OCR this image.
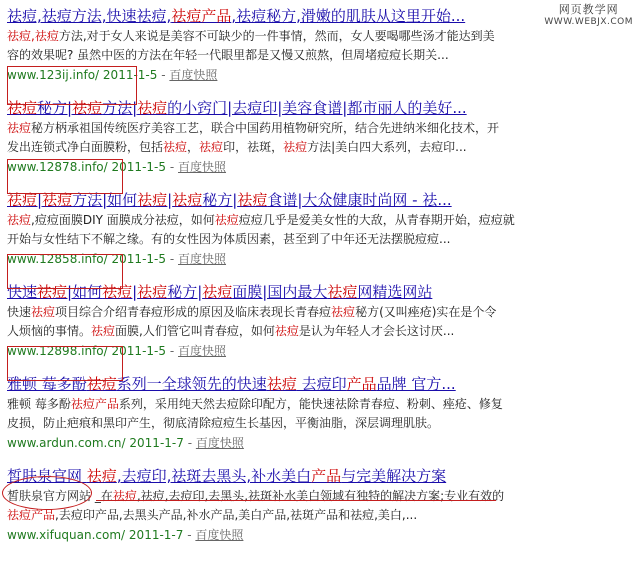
网页教学网
WWW.WEBJX.COM
祛痘,祛痘方法,快速祛痘,祛痘产品,祛痘秘方,滑嫩的肌肤从这里开始...
祛痘,祛痘方法,对于女人来说是美容不可缺少的一件事情，然而，女人要喝哪些汤才能达到美
容的效果呢? 虽然中医的方法在年轻一代眼里都是又慢又煎熬，但周堵痘痘长期关...
www.123ij.info/ 2011-1-5 - 百度快照
祛痘秘方|祛痘方法|祛痘的小窍门|去痘印|美容食谱|都市丽人的美好...
祛痘秘方柄承祖国传统医疗美容工艺，联合中国药用植物研究所，结合先进纳米细化技术，开
发出连锁式净白面膜粉，包括祛痘，祛痘印，祛斑，祛痘方法|美白四大系列，去痘印...
www.12878.info/ 2011-1-5 - 百度快照
祛痘|祛痘方法|如何祛痘|祛痘秘方|祛痘食谱|大众健康时尚网 - 祛...
祛痘,痘痘面膜DIY 面膜成分祛痘，如何祛痘痘痘几乎是爱美女性的大敌，从青春期开始，痘痘就
开始与女性结下不解之缘。有的女性因为体质因素，甚至到了中年还无法摆脱痘痘...
www.12858.info/ 2011-1-5 - 百度快照
快速祛痘|如何祛痘|祛痘秘方|祛痘面膜|国内最大祛痘网精选网站
快速祛痘项目综合介绍青春痘形成的原因及临床表现长青春痘祛痘秘方(又叫痤疮)实在是个令
人烦恼的事情。祛痘面膜,人们管它叫青春痘，如何祛痘是认为年轻人才会长这讨厌...
www.12898.info/ 2011-1-5 - 百度快照
雅顿 莓多酚祛痘系列一全球领先的快速祛痘 去痘印产品品牌 官方...
雅顿 莓多酚祛痘产品系列，采用纯天然去痘除印配方，能快速祛除青春痘、粉刺、痤疮、修复
皮损，防止疤痕和黑印产生，彻底清除痘痘生长基因，平衡油脂，深层调理肌肤。
www.ardun.com.cn/ 2011-1-7 - 百度快照
皙肤泉官网 祛痘,去痘印,祛斑去黑头,补水美白产品与完美解决方案
皙肤泉官方网站 _在祛痘,祛痘,去痘印,去黑头,祛斑补水美白领域有独特的解决方案;专业有效的
祛痘产品,去痘印产品,去黑头产品,补水产品,美白产品,祛斑产品和祛痘,美白,...
www.xifuquan.com/ 2011-1-7 - 百度快照
